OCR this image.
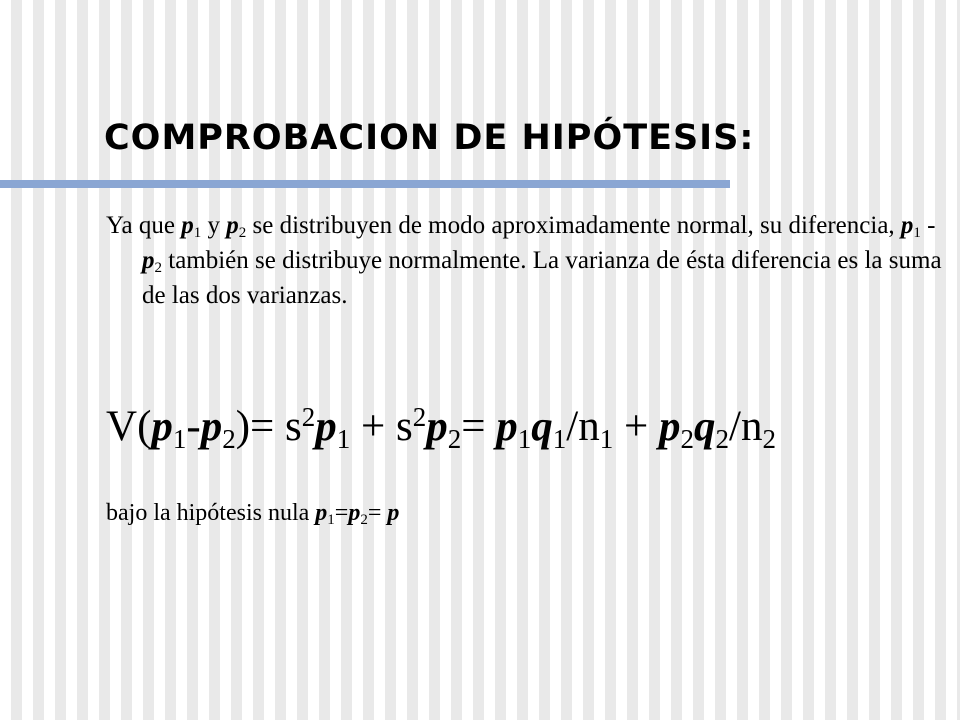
COMPROBACION DE HIPÓTESIS:

Ya que $p_1$ y $p_2$ se distribuyen de modo aproximadamente normal, su diferencia, $p_1 - p_2$ también se distribuye normalmente. La varianza de ésta diferencia es la suma de las dos varianzas.

$V(p_1-p_2)= s^2p_1 + s^2p_2= p_1q_1/n_1 + p_2q_2/n_2$

bajo la hipótesis nula $p_1=p_2= p$
